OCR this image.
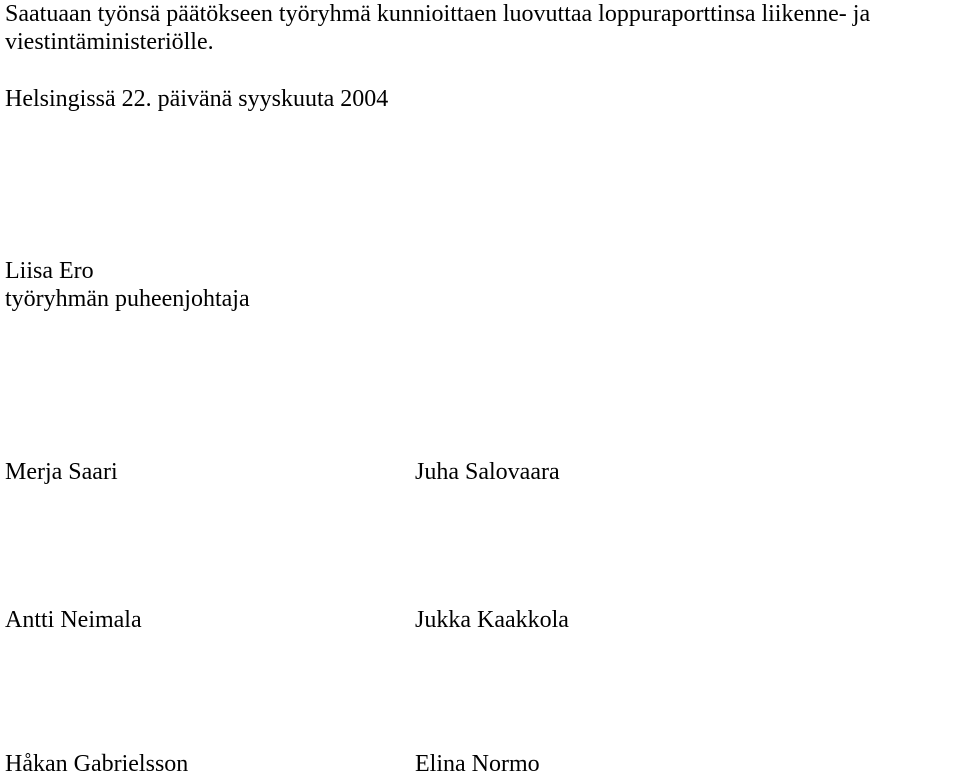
Saatuaan työnsä päätökseen työryhmä kunnioittaen luovuttaa loppuraporttinsa liikenne- ja

viestintäministeriölle.

Helsingissä 22. päivänä syyskuuta 2004

Liisa Ero

työryhmän puheenjohtaja

Merja Saari	Juha Salovaara

Antti Neimala	Jukka Kaakkola

Håkan Gabrielsson	Elina Normo
